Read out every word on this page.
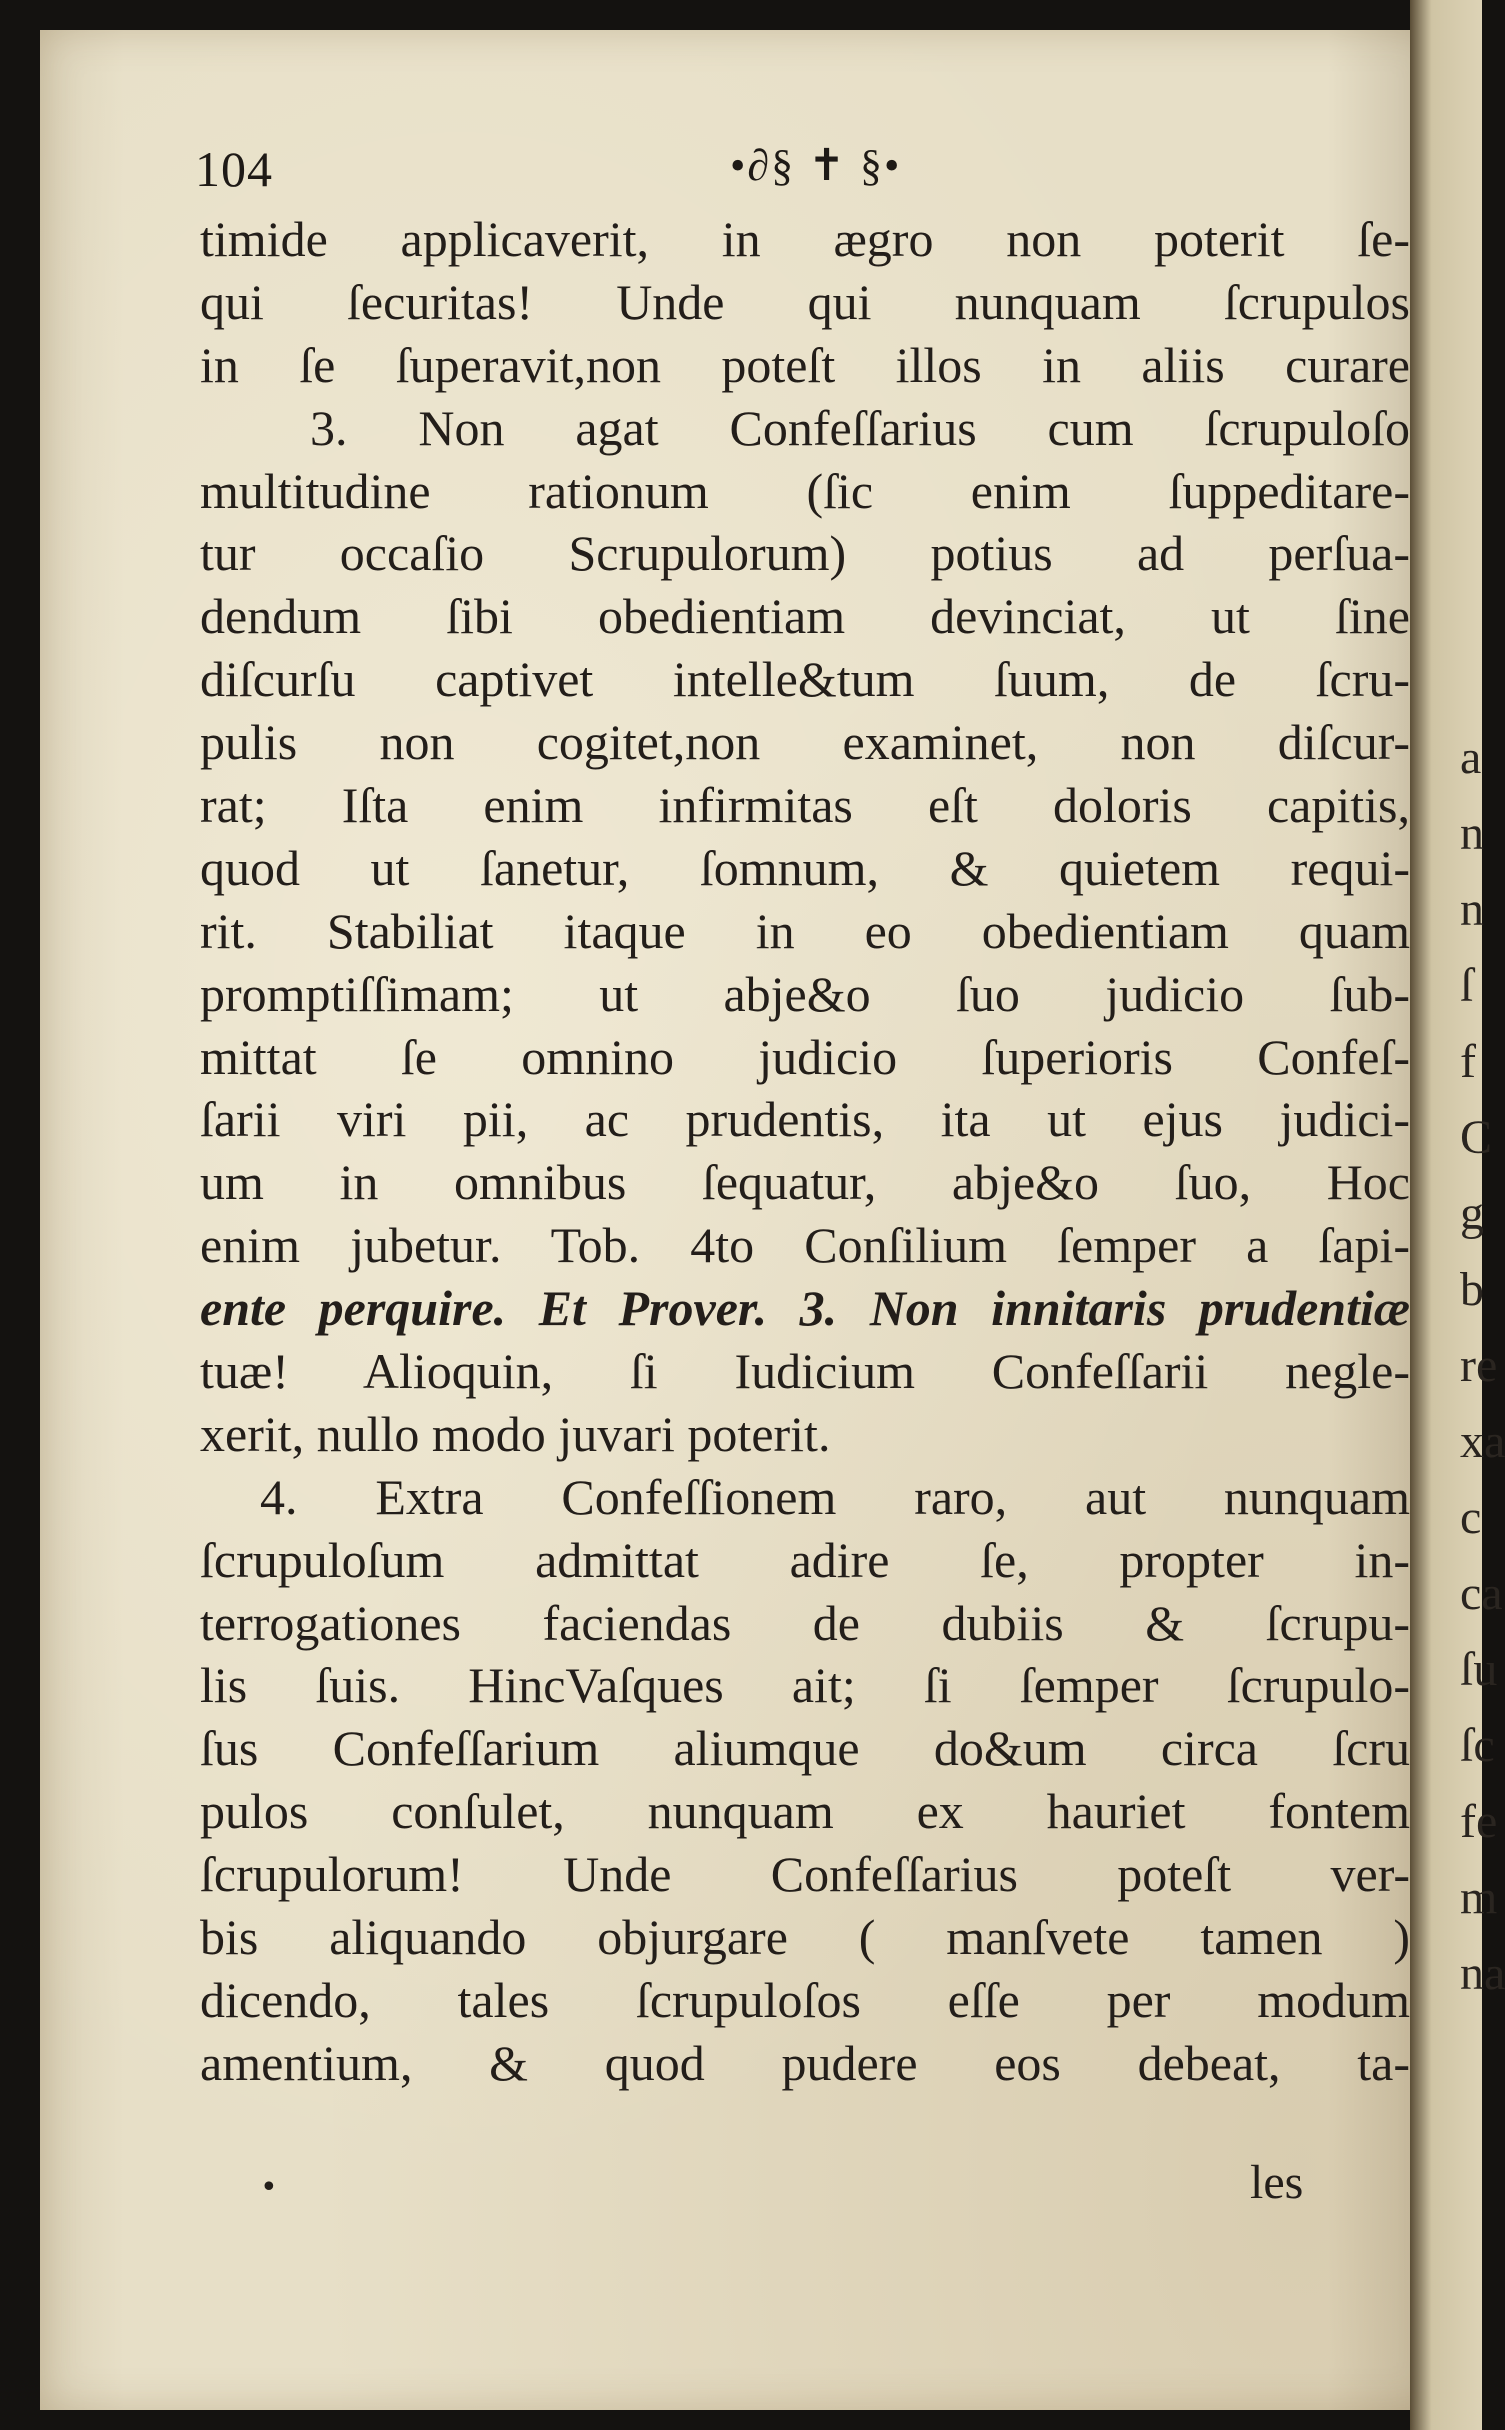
a
n
n
ſ
f
C
g
b
re
xa
c
ca
ſu
ſc
fe
m
na
104	•∂§ ✝ §•
timide applicaverit, in ægro non poterit ſe-
qui ſecuritas! Unde qui nunquam ſcrupulos
in ſe ſuperavit,non poteſt illos in aliis curare
3. Non agat Confeſſarius cum ſcrupuloſo
multitudine rationum (ſic enim ſuppeditare-
tur occaſio Scrupulorum) potius ad perſua-
dendum ſibi obedientiam devinciat, ut ſine
diſcurſu captivet intelle&tum ſuum, de ſcru-
pulis non cogitet,non examinet, non diſcur-
rat; Iſta enim infirmitas eſt doloris capitis,
quod ut ſanetur, ſomnum, & quietem requi-
rit. Stabiliat itaque in eo obedientiam quam
promptiſſimam; ut abje&o ſuo judicio ſub-
mittat ſe omnino judicio ſuperioris Confeſ-
ſarii viri pii, ac prudentis, ita ut ejus judici-
um in omnibus ſequatur, abje&o ſuo, Hoc
enim jubetur. Tob. 4to Conſilium ſemper a ſapi-
ente perquire. Et Prover. 3. Non innitaris prudentiæ
tuæ! Alioquin, ſi Iudicium Confeſſarii negle-
xerit, nullo modo juvari poterit.
4. Extra Confeſſionem raro, aut nunquam
ſcrupuloſum admittat adire ſe, propter in-
terrogationes faciendas de dubiis & ſcrupu-
lis ſuis. HincVaſques ait; ſi ſemper ſcrupulo-
ſus Confeſſarium aliumque do&um circa ſcru
pulos conſulet, nunquam ex hauriet fontem
ſcrupulorum! Unde Confeſſarius poteſt ver-
bis aliquando objurgare ( manſvete tamen )
dicendo, tales ſcrupuloſos eſſe per modum
amentium, & quod pudere eos debeat, ta-
•	les
